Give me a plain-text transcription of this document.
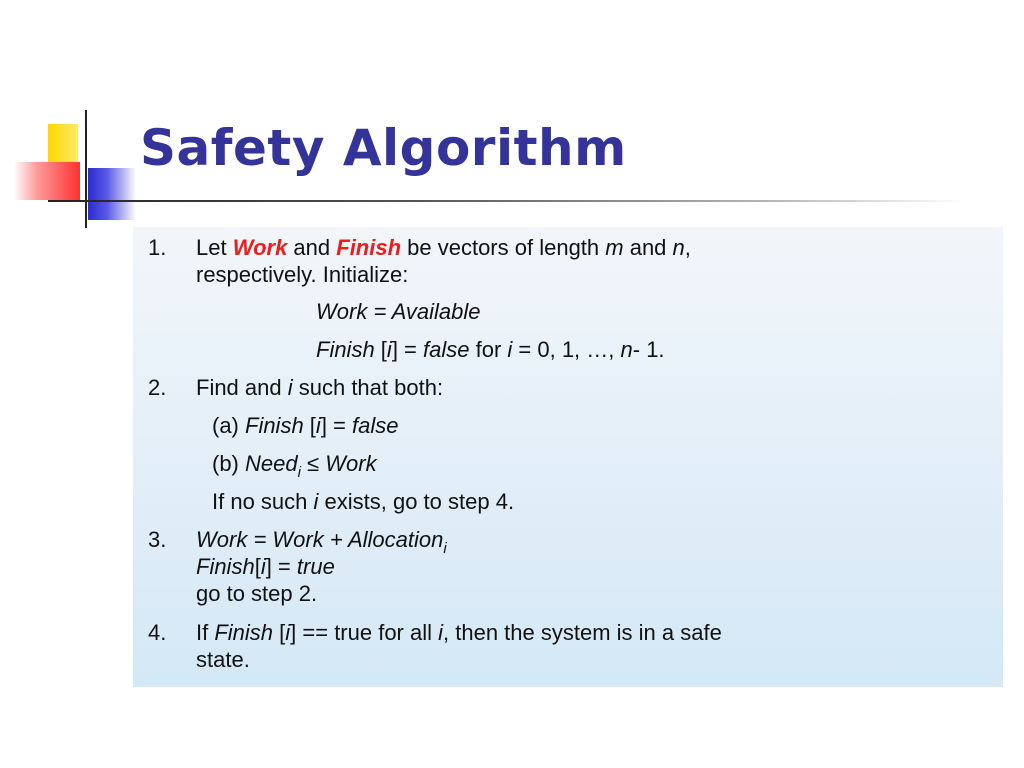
Safety Algorithm
1. Let Work and Finish be vectors of length m and n,
respectively. Initialize:
Work = Available
Finish [i] = false for i = 0, 1, …, n- 1.
2. Find and i such that both:
(a) Finish [i] = false
(b) Need$_i$ ≤ Work
If no such i exists, go to step 4.
3. Work = Work + Allocation$_i$
Finish[i] = true
go to step 2.
4. If Finish [i] == true for all i, then the system is in a safe
state.
